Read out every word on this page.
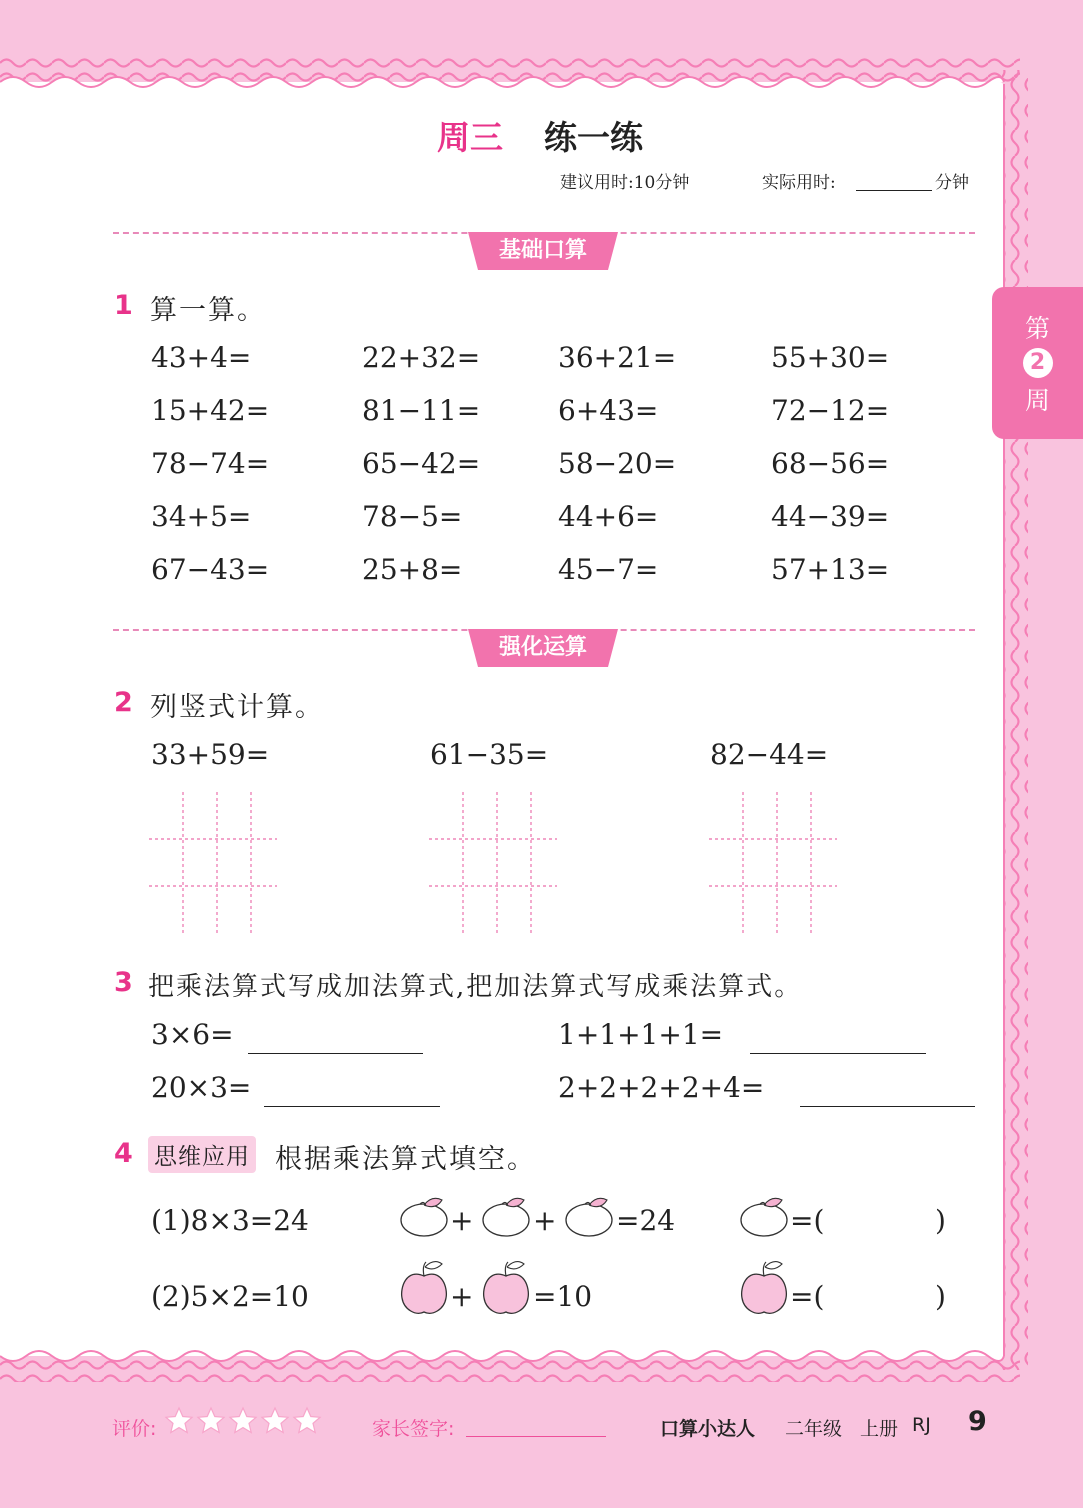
第
2
周
周三 练一练
建议用时:10分钟	实际用时:	分钟
基础口算
1 算一算。
43+4=	22+32=	36+21=	55+30=
15+42=	81−11=	6+43=	72−12=
78−74=	65−42=	58−20=	68−56=
34+5=	78−5=	44+6=	44−39=
67−43=	25+8=	45−7=	57+13=
强化运算
2 列竖式计算。
33+59=	61−35=	82−44=
3 把乘法算式写成加法算式,把加法算式写成乘法算式。
3×6=	1+1+1+1=
20×3=	2+2+2+2+4=
4 思维应用 根据乘法算式填空。
(1)8×3=24	+ + =24	=(	)
(2)5×2=10	+ =10	=(	)
评价:	家长签字:	口算小达人 二年级 上册 RJ 9
